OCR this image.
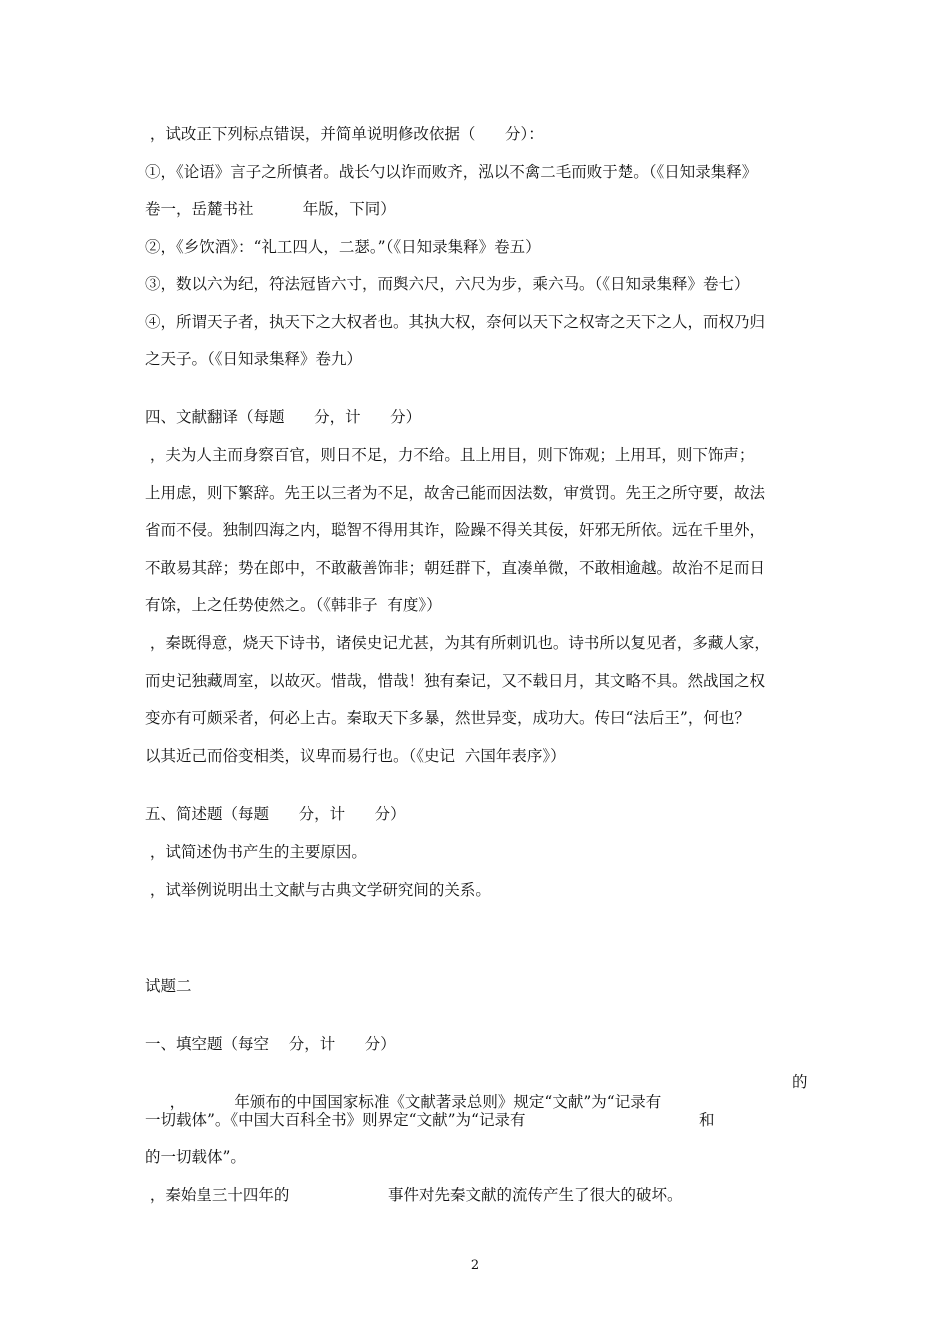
，试改正下列标点错误，并简单说明修改依据（      分）：
①，《论语》言子之所慎者。战长勺以诈而败齐，泓以不禽二毛而败于楚。（《日知录集释》
卷一，岳麓书社          年版，下同）
②，《乡饮酒》：“礼工四人，二瑟。”（《日知录集释》卷五）
③，数以六为纪，符法冠皆六寸，而舆六尺，六尺为步，乘六马。（《日知录集释》卷七）
④，所谓天子者，执天下之大权者也。其执大权，奈何以天下之权寄之天下之人，而权乃归
之天子。（《日知录集释》卷九）
四、文献翻译（每题      分，计      分）
，夫为人主而身察百官，则日不足，力不给。且上用目，则下饰观；上用耳，则下饰声；
上用虑，则下繁辞。先王以三者为不足，故舍己能而因法数，审赏罚。先王之所守要，故法
省而不侵。独制四海之内，聪智不得用其诈，险躁不得关其佞，奸邪无所依。远在千里外，
不敢易其辞；势在郎中，不敢蔽善饰非；朝廷群下，直凑单微，不敢相逾越。故治不足而日
有馀，上之任势使然之。（《韩非子  有度》）
，秦既得意，烧天下诗书，诸侯史记尤甚，为其有所刺讥也。诗书所以复见者，多藏人家，
而史记独藏周室，以故灭。惜哉，惜哉！独有秦记，又不载日月，其文略不具。然战国之权
变亦有可颇采者，何必上古。秦取天下多暴，然世异变，成功大。传曰“法后王”，何也？
以其近己而俗变相类，议卑而易行也。（《史记  六国年表序》）
五、简述题（每题      分，计      分）
，试简述伪书产生的主要原因。
，试举例说明出土文献与古典文学研究间的关系。
试题二
一、填空题（每空    分，计      分）

，          年颁布的中国国家标准《文献著录总则》规定“文献”为“记录有

的
一切载体”。《中国大百科全书》则界定“文献”为“记录有	和
的一切载体”。
，秦始皇三十四年的                    事件对先秦文献的流传产生了很大的破坏。
2
